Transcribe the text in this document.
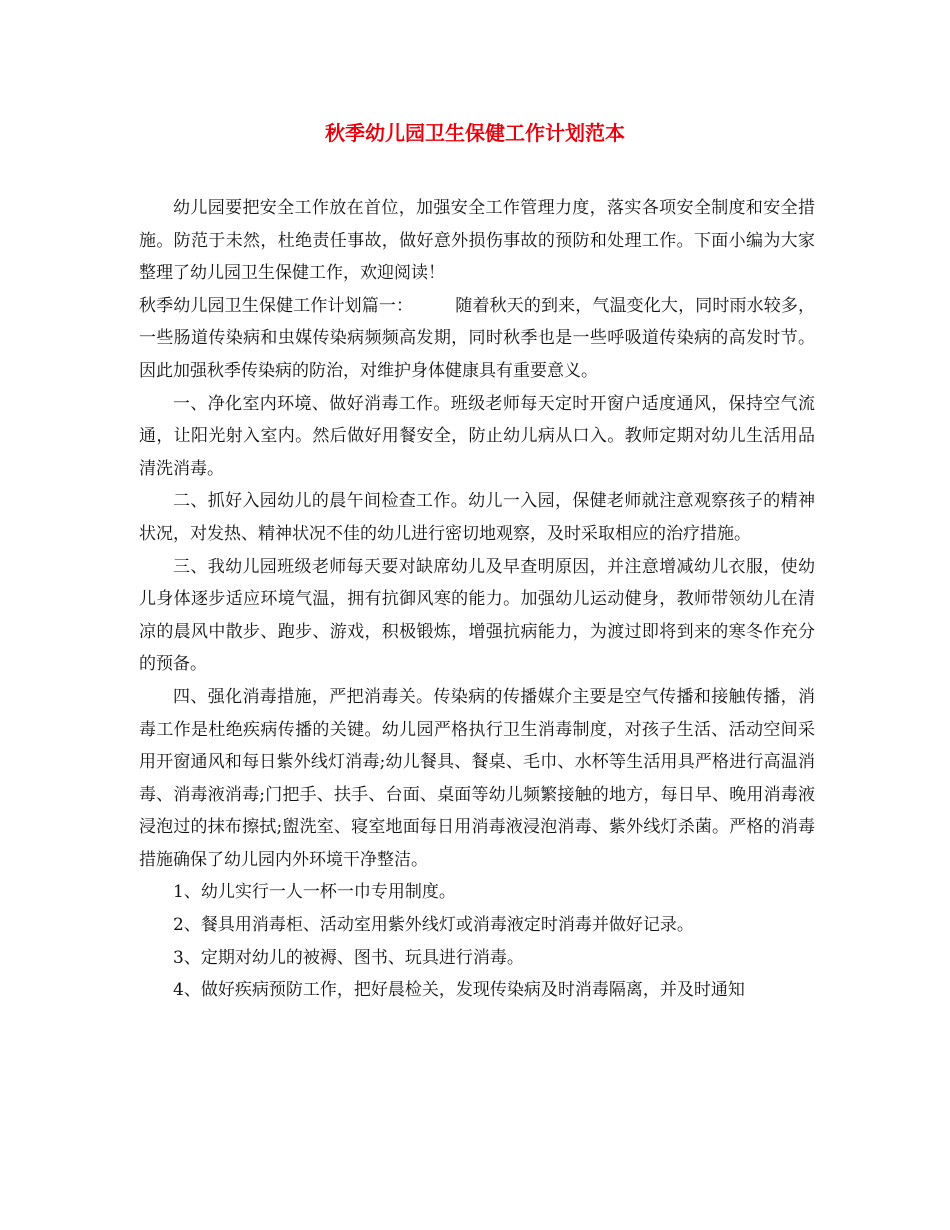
秋季幼儿园卫生保健工作计划范本

幼儿园要把安全工作放在首位，加强安全工作管理力度，落实各项安全制度和安全措施。防范于未然，杜绝责任事故，做好意外损伤事故的预防和处理工作。下面小编为大家整理了幼儿园卫生保健工作，欢迎阅读！

秋季幼儿园卫生保健工作计划篇一： 随着秋天的到来，气温变化大，同时雨水较多，一些肠道传染病和虫媒传染病频频高发期，同时秋季也是一些呼吸道传染病的高发时节。因此加强秋季传染病的防治，对维护身体健康具有重要意义。

一、净化室内环境、做好消毒工作。班级老师每天定时开窗户适度通风，保持空气流通，让阳光射入室内。然后做好用餐安全，防止幼儿病从口入。教师定期对幼儿生活用品清洗消毒。

二、抓好入园幼儿的晨午间检查工作。幼儿一入园，保健老师就注意观察孩子的精神状况，对发热、精神状况不佳的幼儿进行密切地观察，及时采取相应的治疗措施。

三、我幼儿园班级老师每天要对缺席幼儿及早查明原因，并注意增减幼儿衣服，使幼儿身体逐步适应环境气温，拥有抗御风寒的能力。加强幼儿运动健身，教师带领幼儿在清凉的晨风中散步、跑步、游戏，积极锻炼，增强抗病能力，为渡过即将到来的寒冬作充分的预备。

四、强化消毒措施，严把消毒关。传染病的传播媒介主要是空气传播和接触传播，消毒工作是杜绝疾病传播的关键。幼儿园严格执行卫生消毒制度，对孩子生活、活动空间采用开窗通风和每日紫外线灯消毒;幼儿餐具、餐桌、毛巾、水杯等生活用具严格进行高温消毒、消毒液消毒;门把手、扶手、台面、桌面等幼儿频繁接触的地方，每日早、晚用消毒液浸泡过的抹布擦拭;盥洗室、寝室地面每日用消毒液浸泡消毒、紫外线灯杀菌。严格的消毒措施确保了幼儿园内外环境干净整洁。

1、幼儿实行一人一杯一巾专用制度。

2、餐具用消毒柜、活动室用紫外线灯或消毒液定时消毒并做好记录。

3、定期对幼儿的被褥、图书、玩具进行消毒。

4、做好疾病预防工作，把好晨检关，发现传染病及时消毒隔离，并及时通知
